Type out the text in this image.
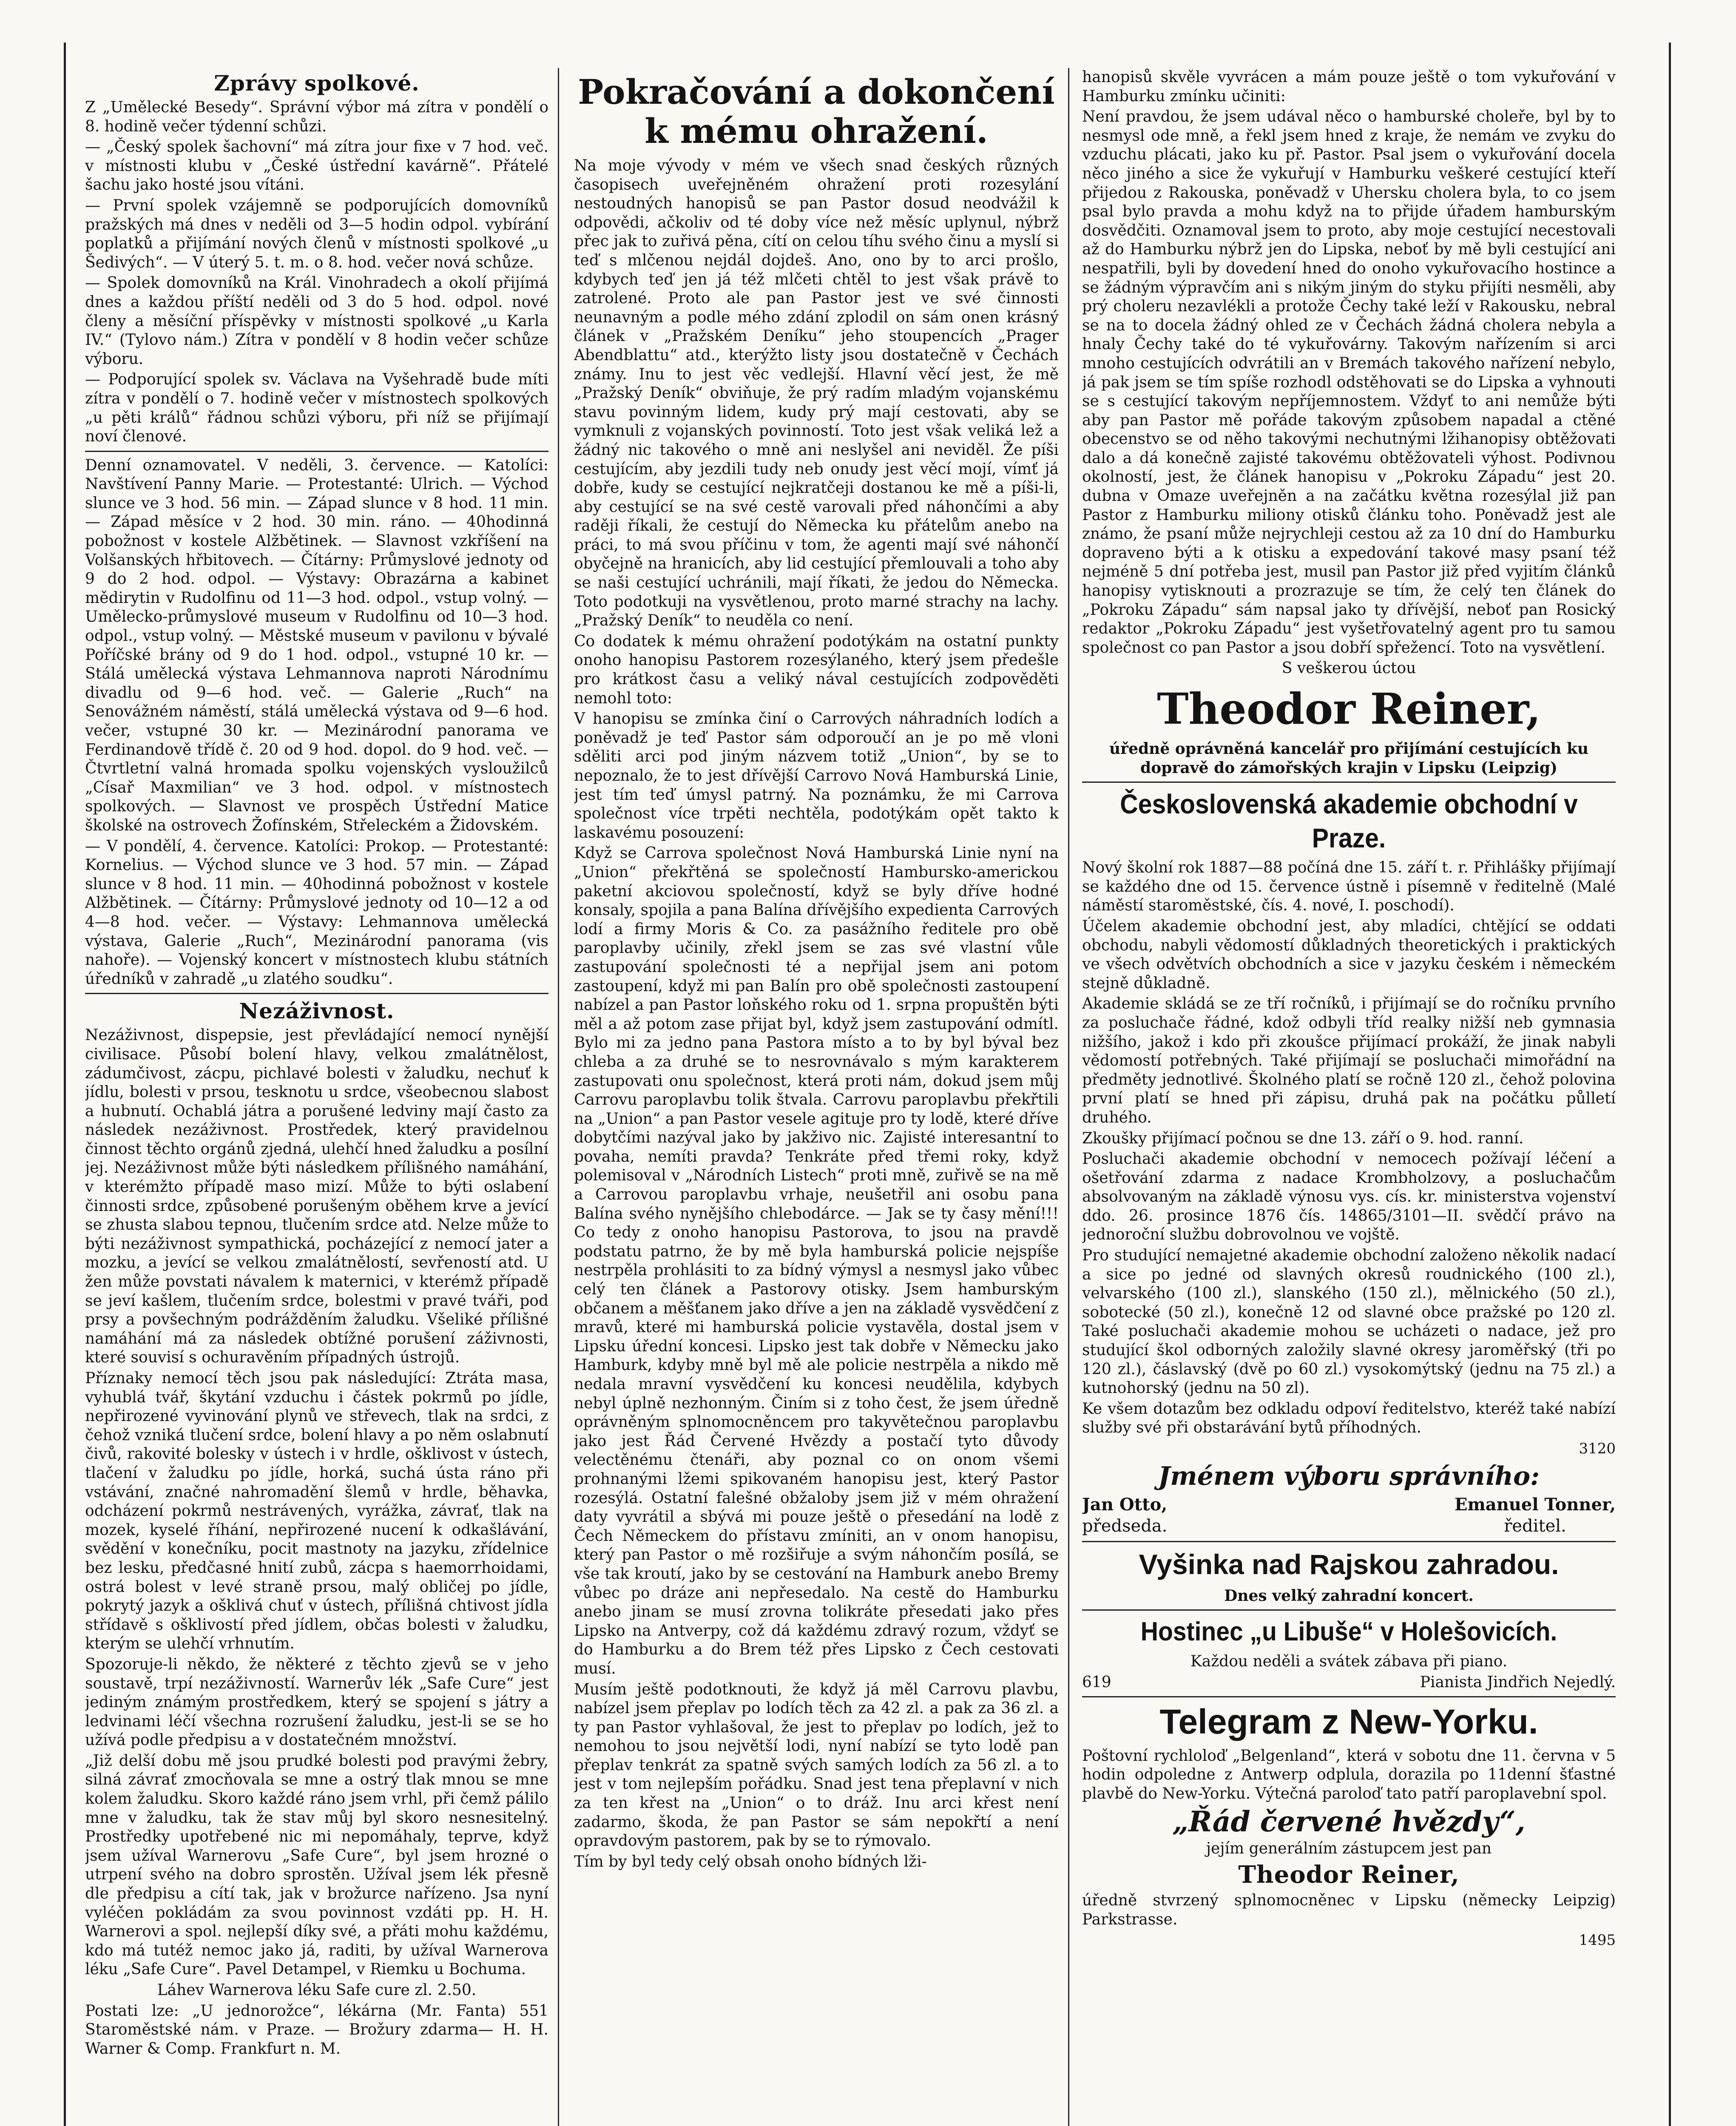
Zprávy spolkové.

Z „Umělecké Besedy“. Správní výbor má zítra v pondělí o 8. hodině večer týdenní schůzi.

— „Český spolek šachovní“ má zítra jour fixe v 7 hod. več. v místnosti klubu v „České ústřední kavárně“. Přátelé šachu jako hosté jsou vítáni.

— První spolek vzájemně se podporujících domovníků pražských má dnes v neděli od 3—5 hodin odpol. vybírání poplatků a přijímání nových členů v místnosti spolkové „u Šedivých“. — V úterý 5. t. m. o 8. hod. večer nová schůze.

— Spolek domovníků na Král. Vinohradech a okolí přijímá dnes a každou příští neděli od 3 do 5 hod. odpol. nové členy a měsíční příspěvky v místnosti spolkové „u Karla IV.“ (Tylovo nám.) Zítra v pondělí v 8 hodin večer schůze výboru.

— Podporující spolek sv. Václava na Vyšehradě bude míti zítra v pondělí o 7. hodině večer v místnostech spolkových „u pěti králů“ řádnou schůzi výboru, při níž se přijímají noví členové.

Denní oznamovatel. V neděli, 3. července. — Katolíci: Navštívení Panny Marie. — Protestanté: Ulrich. — Východ slunce ve 3 hod. 56 min. — Západ slunce v 8 hod. 11 min. — Západ měsíce v 2 hod. 30 min. ráno. — 40hodinná pobožnost v kostele Alžbětinek. — Slavnost vzkříšení na Volšanských hřbitovech. — Čítárny: Průmyslové jednoty od 9 do 2 hod. odpol. — Výstavy: Obrazárna a kabinet mědirytin v Rudolfinu od 11—3 hod. odpol., vstup volný. — Umělecko-průmyslové museum v Rudolfinu od 10—3 hod. odpol., vstup volný. — Městské museum v pavilonu v bývalé Poříčské brány od 9 do 1 hod. odpol., vstupné 10 kr. — Stálá umělecká výstava Lehmannova naproti Národnímu divadlu od 9—6 hod. več. — Galerie „Ruch“ na Senovážném náměstí, stálá umělecká výstava od 9—6 hod. večer, vstupné 30 kr. — Mezinárodní panorama ve Ferdinandově třídě č. 20 od 9 hod. dopol. do 9 hod. več. — Čtvrtletní valná hromada spolku vojenských vysloužilců „Císař Maxmilian“ ve 3 hod. odpol. v místnostech spolkových. — Slavnost ve prospěch Ústřední Matice školské na ostrovech Žofínském, Střeleckém a Židovském.

— V pondělí, 4. července. Katolíci: Prokop. — Protestanté: Kornelius. — Východ slunce ve 3 hod. 57 min. — Západ slunce v 8 hod. 11 min. — 40hodinná pobožnost v kostele Alžbětinek. — Čítárny: Průmyslové jednoty od 10—12 a od 4—8 hod. večer. — Výstavy: Lehmannova umělecká výstava, Galerie „Ruch“, Mezinárodní panorama (vis nahoře). — Vojenský koncert v místnostech klubu státních úředníků v zahradě „u zlatého soudku“.

Nezáživnost.

Nezáživnost, dispepsie, jest převládající nemocí nynější civilisace. Působí bolení hlavy, velkou zmalátnělost, zádumčivost, zácpu, pichlavé bolesti v žaludku, nechuť k jídlu, bolesti v prsou, tesknotu u srdce, všeobecnou slabost a hubnutí. Ochablá játra a porušené ledviny mají často za následek nezáživnost. Prostředek, který pravidelnou činnost těchto orgánů zjedná, ulehčí hned žaludku a posílní jej. Nezáživnost může býti následkem přílišného namáhání, v kterémžto případě maso mizí. Může to býti oslabení činnosti srdce, způsobené porušeným oběhem krve a jevící se zhusta slabou tepnou, tlučením srdce atd. Nelze může to býti nezáživnost sympathická, pocházející z nemocí jater a mozku, a jevící se velkou zmalátnělostí, sevřeností atd. U žen může povstati návalem k maternici, v kterémž případě se jeví kašlem, tlučením srdce, bolestmi v pravé tváři, pod prsy a povšechným podrážděním žaludku. Všeliké přílišné namáhání má za následek obtížné porušení záživnosti, které souvisí s ochuravěním případných ústrojů.

Příznaky nemocí těch jsou pak následující: Ztráta masa, vyhublá tvář, škytání vzduchu i částek pokrmů po jídle, nepřirozené vyvinování plynů ve střevech, tlak na srdci, z čehož vzniká tlučení srdce, bolení hlavy a po něm oslabnutí čivů, rakovité bolesky v ústech i v hrdle, ošklivost v ústech, tlačení v žaludku po jídle, horká, suchá ústa ráno při vstávání, značné nahromadění šlemů v hrdle, běhavka, odcházení pokrmů nestrávených, vyrážka, závrať, tlak na mozek, kyselé říhání, nepřirozené nucení k odkašlávání, svědění v konečníku, pocit mastnoty na jazyku, zřídelnice bez lesku, předčasné hnití zubů, zácpa s haemorrhoidami, ostrá bolest v levé straně prsou, malý obličej po jídle, pokrytý jazyk a ošklivá chuť v ústech, přílišná chtivost jídla střídavě s ošklivostí před jídlem, občas bolesti v žaludku, kterým se ulehčí vrhnutím.

Spozoruje-li někdo, že některé z těchto zjevů se v jeho soustavě, trpí nezáživností. Warnerův lék „Safe Cure“ jest jediným známým prostředkem, který se spojení s játry a ledvinami léčí všechna rozrušení žaludku, jest-li se se ho užívá podle předpisu a v dostatečném množství.

„Již delší dobu mě jsou prudké bolesti pod pravými žebry, silná závrať zmocňovala se mne a ostrý tlak mnou se mne kolem žaludku. Skoro každé ráno jsem vrhl, při čemž pálilo mne v žaludku, tak že stav můj byl skoro nesnesitelný. Prostředky upotřebené nic mi nepomáhaly, teprve, když jsem užíval Warnerovu „Safe Cure“, byl jsem hrozné o utrpení svého na dobro sprostěn. Užíval jsem lék přesně dle předpisu a cítí tak, jak v brožurce nařízeno. Jsa nyní vyléčen pokládám za svou povinnost vzdáti pp. H. H. Warnerovi a spol. nejlepší díky své, a přáti mohu každému, kdo má tutéž nemoc jako já, raditi, by užíval Warnerova léku „Safe Cure“. Pavel Detampel, v Riemku u Bochuma.

Láhev Warnerova léku Safe cure zl. 2.50.

Postati lze: „U jednorožce“, lékárna (Mr. Fanta) 551 Staroměstské nám. v Praze. — Brožury zdarma— H. H. Warner & Comp. Frankfurt n. M.

Pokračování a dokončení k mému ohražení.

Na moje vývody v mém ve všech snad českých různých časopisech uveřejněném ohražení proti rozesylání nestoudných hanopisů se pan Pastor dosud neodvážil k odpovědi, ačkoliv od té doby více než měsíc uplynul, nýbrž přec jak to zuřivá pěna, cítí on celou tíhu svého činu a myslí si teď s mlčenou nejdál dojdeš. Ano, ono by to arci prošlo, kdybych teď jen já též mlčeti chtěl to jest však právě to zatrolené. Proto ale pan Pastor jest ve své činnosti neunavným a podle mého zdání zplodil on sám onen krásný článek v „Pražském Deníku“ jeho stoupencích „Prager Abendblattu“ atd., kterýžto listy jsou dostatečně v Čechách známy. Inu to jest věc vedlejší. Hlavní věcí jest, že mě „Pražský Deník“ obviňuje, že prý radím mladým vojanskému stavu povinným lidem, kudy prý mají cestovati, aby se vymknuli z vojanských povinností. Toto jest však veliká lež a žádný nic takového o mně ani neslyšel ani neviděl. Že píši cestujícím, aby jezdili tudy neb onudy jest věcí mojí, vímť já dobře, kudy se cestující nejkratčeji dostanou ke mě a píši-li, aby cestující se na své cestě varovali před náhončími a aby raději říkali, že cestují do Německa ku přátelům anebo na práci, to má svou příčinu v tom, že agenti mají své náhončí obyčejně na hranicích, aby lid cestující přemlouvali a toho aby se naši cestující uchránili, mají říkati, že jedou do Německa. Toto podotkuji na vysvětlenou, proto marné strachy na lachy. „Pražský Deník“ to neuděla co není.

Co dodatek k mému ohražení podotýkám na ostatní punkty onoho hanopisu Pastorem rozesýlaného, který jsem předešle pro krátkost času a veliký nával cestujících zodpověděti nemohl toto:

V hanopisu se zmínka činí o Carrových náhradních lodích a poněvadž je teď Pastor sám odporoučí an je po mě vloni sděliti arci pod jiným názvem totiž „Union“, by se to nepoznalo, že to jest dřívější Carrovo Nová Hamburská Linie, jest tím teď úmysl patrný. Na poznámku, že mi Carrova společnost více trpěti nechtěla, podotýkám opět takto k laskavému posouzení:

Když se Carrova společnost Nová Hamburská Linie nyní na „Union“ překřtěná se společností Hambursko-americkou paketní akciovou společností, když se byly dříve hodné konsaly, spojila a pana Balína dřívějšího expedienta Carrových lodí a firmy Moris & Co. za pasážního ředitele pro obě paroplavby učinily, zřekl jsem se zas své vlastní vůle zastupování společnosti té a nepřijal jsem ani potom zastoupení, když mi pan Balín pro obě společnosti zastoupení nabízel a pan Pastor loňského roku od 1. srpna propuštěn býti měl a až potom zase přijat byl, když jsem zastupování odmítl. Bylo mi za jedno pana Pastora místo a to by byl býval bez chleba a za druhé se to nesrovnávalo s mým karakterem zastupovati onu společnost, která proti nám, dokud jsem můj Carrovu paroplavbu tolik štvala. Carrovu paroplavbu překřtili na „Union“ a pan Pastor vesele agituje pro ty lodě, které dříve dobytčími nazýval jako by jakživo nic. Zajisté interesantní to povaha, nemíti pravda? Tenkráte před třemi roky, když polemisoval v „Národních Listech“ proti mně, zuřivě se na mě a Carrovou paroplavbu vrhaje, neušetřil ani osobu pana Balína svého nynějšího chlebodárce. — Jak se ty časy mění!!! Co tedy z onoho hanopisu Pastorova, to jsou na pravdě podstatu patrno, že by mě byla hamburská policie nejspíše nestrpěla prohlásiti to za bídný výmysl a nesmysl jako vůbec celý ten článek a Pastorovy otisky. Jsem hamburským občanem a měšťanem jako dříve a jen na základě vysvědčení z mravů, které mi hamburská policie vystavěla, dostal jsem v Lipsku úřední koncesi. Lipsko jest tak dobře v Německu jako Hamburk, kdyby mně byl mě ale policie nestrpěla a nikdo mě nedala mravní vysvědčení ku koncesi neudělila, kdybych nebyl úplně nezhonným. Činím si z toho čest, že jsem úředně oprávněným splnomocněncem pro takyvětečnou paroplavbu jako jest Řád Červené Hvězdy a postačí tyto důvody velectěnému čtenáři, aby poznal co on onom všemi prohnanými lžemi spikovaném hanopisu jest, který Pastor rozesýlá. Ostatní falešné obžaloby jsem již v mém ohražení daty vyvrátil a sbývá mi pouze ještě o přesedání na lodě z Čech Německem do přístavu zmíniti, an v onom hanopisu, který pan Pastor o mě rozšiřuje a svým náhončím posílá, se vše tak kroutí, jako by se cestování na Hamburk anebo Bremy vůbec po dráze ani nepřesedalo. Na cestě do Hamburku anebo jinam se musí zrovna tolikráte přesedati jako přes Lipsko na Antverpy, což dá každému zdravý rozum, vždyť se do Hamburku a do Brem též přes Lipsko z Čech cestovati musí.

Musím ještě podotknouti, že když já měl Carrovu plavbu, nabízel jsem přeplav po lodích těch za 42 zl. a pak za 36 zl. a ty pan Pastor vyhlašoval, že jest to přeplav po lodích, jež to nemohou to jsou největší lodi, nyní nabízí se tyto lodě pan přeplav tenkrát za spatně svých samých lodích za 56 zl. a to jest v tom nejlepším pořádku. Snad jest tena přeplavní v nich za ten křest na „Union“ o to dráž. Inu arci křest není zadarmo, škoda, že pan Pastor se sám nepokřtí a není opravdovým pastorem, pak by se to rýmovalo.

Tím by byl tedy celý obsah onoho bídných lži-

hanopisů skvěle vyvrácen a mám pouze ještě o tom vykuřování v Hamburku zmínku učiniti:

Není pravdou, že jsem udával něco o hamburské choleře, byl by to nesmysl ode mně, a řekl jsem hned z kraje, že nemám ve zvyku do vzduchu plácati, jako ku př. Pastor. Psal jsem o vykuřování docela něco jiného a sice že vykuřují v Hamburku veškeré cestující kteří přijedou z Rakouska, poněvadž v Uhersku cholera byla, to co jsem psal bylo pravda a mohu když na to přijde úřadem hamburským dosvědčiti. Oznamoval jsem to proto, aby moje cestující necestovali až do Hamburku nýbrž jen do Lipska, neboť by mě byli cestující ani nespatřili, byli by dovedení hned do onoho vykuřovacího hostince a se žádným výpravčím ani s nikým jiným do styku přijíti nesměli, aby prý choleru nezavlékli a protože Čechy také leží v Rakousku, nebral se na to docela žádný ohled ze v Čechách žádná cholera nebyla a hnaly Čechy také do té vykuřovárny. Takovým nařízením si arci mnoho cestujících odvrátili an v Bremách takového nařízení nebylo, já pak jsem se tím spíše rozhodl odstěhovati se do Lipska a vyhnouti se s cestující takovým nepříjemnostem. Vždyť to ani nemůže býti aby pan Pastor mě pořáde takovým způsobem napadal a ctěné obecenstvo se od něho takovými nechutnými lžihanopisy obtěžovati dalo a dá konečně zajisté takovému obtěžovateli výhost. Podivnou okolností, jest, že článek hanopisu v „Pokroku Západu“ jest 20. dubna v Omaze uveřejněn a na začátku května rozesýlal již pan Pastor z Hamburku miliony otisků článku toho. Poněvadž jest ale známo, že psaní může nejrychleji cestou až za 10 dní do Hamburku dopraveno býti a k otisku a expedování takové masy psaní též nejméně 5 dní potřeba jest, musil pan Pastor již před vyjitím článků hanopisy vytisknouti a prozrazuje se tím, že celý ten článek do „Pokroku Západu“ sám napsal jako ty dřívější, neboť pan Rosický redaktor „Pokroku Západu“ jest vyšetřovatelný agent pro tu samou společnost co pan Pastor a jsou dobří spřežencí. Toto na vysvětlení.

S veškerou úctou

Theodor Reiner,

úředně oprávněná kancelář pro přijímání cestujících ku dopravě do zámořských krajin v Lipsku (Leipzig)

Československá akademie obchodní v Praze.

Nový školní rok 1887—88 počíná dne 15. září t. r. Přihlášky přijímají se každého dne od 15. července ústně i písemně v ředitelně (Malé náměstí staroměstské, čís. 4. nové, I. poschodí).

Účelem akademie obchodní jest, aby mladíci, chtějící se oddati obchodu, nabyli vědomostí důkladných theoretických i praktických ve všech odvětvích obchodních a sice v jazyku českém i německém stejně důkladně.

Akademie skládá se ze tří ročníků, i přijímají se do ročníku prvního za posluchače řádné, kdož odbyli tříd realky nižší neb gymnasia nižšího, jakož i kdo při zkoušce přijímací prokáží, že jinak nabyli vědomostí potřebných. Také přijímají se posluchači mimořádní na předměty jednotlivé. Školného platí se ročně 120 zl., čehož polovina první platí se hned při zápisu, druhá pak na počátku půlletí druhého.

Zkoušky přijímací počnou se dne 13. září o 9. hod. ranní.

Posluchači akademie obchodní v nemocech požívají léčení a ošetřování zdarma z nadace Krombholzovy, a posluchačům absolvovaným na základě výnosu vys. cís. kr. ministerstva vojenství ddo. 26. prosince 1876 čís. 14865/3101—II. svědčí právo na jednoroční službu dobrovolnou ve vojště.

Pro studující nemajetné akademie obchodní založeno několik nadací a sice po jedné od slavných okresů roudnického (100 zl.), velvarského (100 zl.), slanského (150 zl.), mělnického (50 zl.), sobotecké (50 zl.), konečně 12 od slavné obce pražské po 120 zl. Také posluchači akademie mohou se ucházeti o nadace, jež pro studující škol odborných založily slavné okresy jaroměřský (tři po 120 zl.), čáslavský (dvě po 60 zl.) vysokomýtský (jednu na 75 zl.) a kutnohorský (jednu na 50 zl).

Ke všem dotazům bez odkladu odpoví ředitelstvo, kteréž také nabízí služby své při obstarávání bytů příhodných.

3120

Jménem výboru správního:
Jan Otto,
předseda.
Emanuel Tonner,
ředitel.
Vyšinka nad Rajskou zahradou.

Dnes velký zahradní koncert.

Hostinec „u Libuše“ v Holešovicích.

Každou neděli a svátek zábava při piano.

619	Pianista Jindřich Nejedlý.
Telegram z New-Yorku.

Poštovní rychloloď „Belgenland“, která v sobotu dne 11. června v 5 hodin odpoledne z Antwerp odplula, dorazila po 11denní šťastné plavbě do New-Yorku. Výtečná paroloď tato patří paroplavební spol.

„Řád červené hvězdy“,

jejím generálním zástupcem jest pan

Theodor Reiner,

úředně stvrzený splnomocněnec v Lipsku (německy Leipzig) Parkstrasse.

1495
